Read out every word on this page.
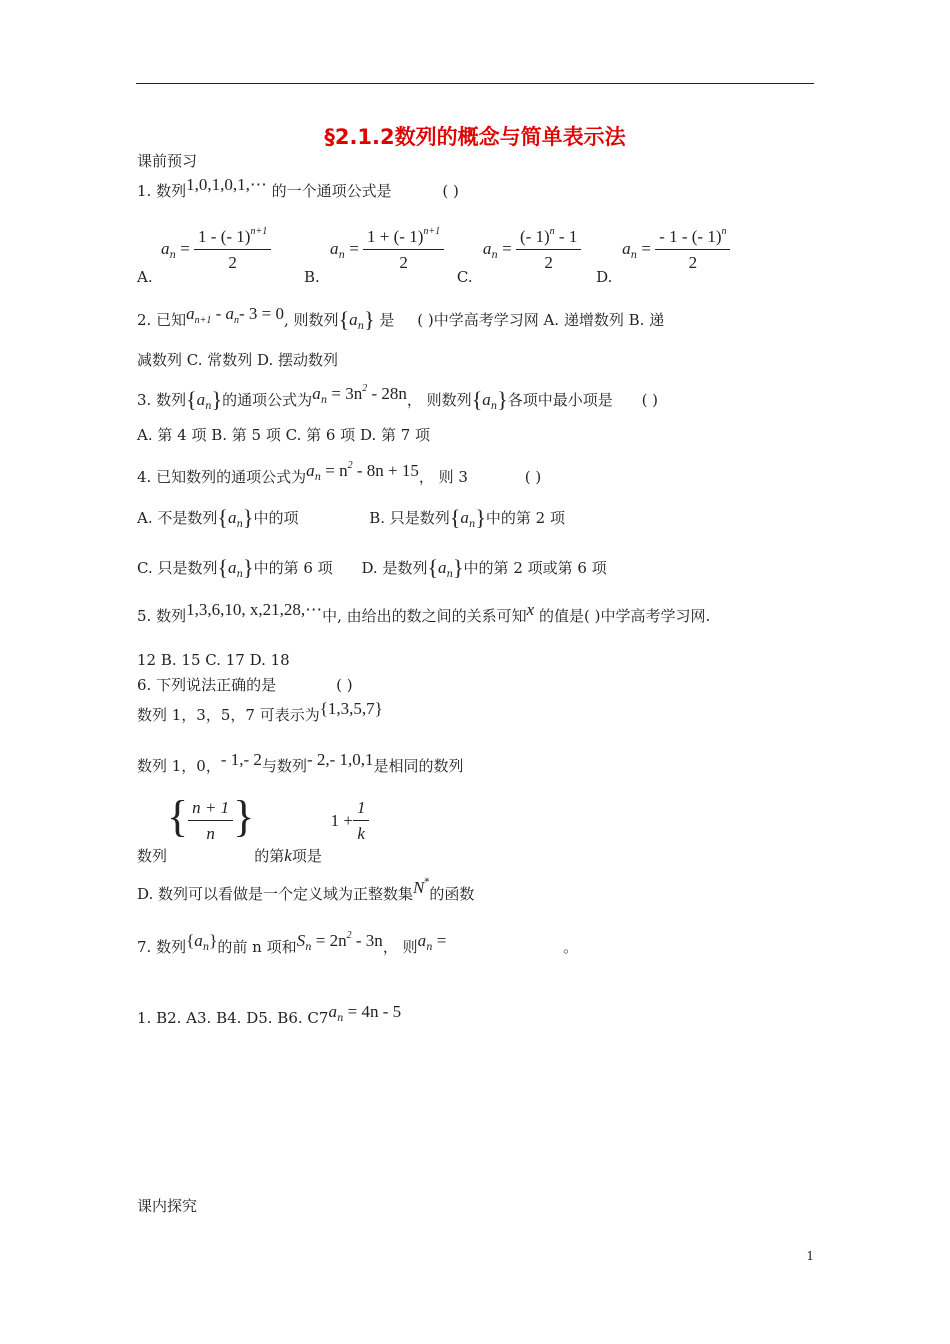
§2.1.2数列的概念与简单表示法
课前预习
1. 数列1,0,1,0,1,⋯ 的一个通项公式是	( )
$A.a_n = \frac{1 - (- 1)^{n+1}}{2}$
$B.a_n = \frac{1 + (- 1)^{n+1}}{2}$
$C.a_n = \frac{(- 1)^n - 1}{2}$
$D.a_n = \frac{- 1 - (- 1)^n}{2}$
2. 已知$a_{n+1} - a_n-$ 3 = 0, 则数列$\{a_n\}$ 是 ( )中学高考学习网 A. 递增数列 B. 递
减数列 C. 常数列 D. 摆动数列
3. 数列$\{a_n\}$的通项公式为$a_n = 3n^2 - 28n$， 则数列$\{a_n\}$各项中最小项是 ( )
A. 第 4 项 B. 第 5 项 C. 第 6 项 D. 第 7 项
4. 已知数列的通项公式为$a_n = n^2 - 8n + 15$， 则 3	( )
A. 不是数列$\{a_n\}$中的项	B. 只是数列$\{a_n\}$中的第 2 项
C. 只是数列$\{a_n\}$中的第 6 项 D. 是数列$\{a_n\}$中的第 2 项或第 6 项
5. 数列1,3,6,10, x,21,28,⋯中, 由给出的数之间的关系可知x 的值是( )中学高考学习网.
12 B. 15 C. 17 D. 18
6. 下列说法正确的是	( )
数列 1，3，5，7 可表示为{1,3,5,7}
数列 1，0，- 1,- 2与数列- 2,- 1,0,1是相同的数列
数列{ $\frac{n + 1}{n}$ }的第k项是 $1 + \frac{1}{k}$
D. 数列可以看做是一个定义域为正整数集N*的函数
7. 数列$\{a_n\}$的前 n 项和$S_n = 2n^2 - 3n$， 则$a_n$ =	。
1. B2. A3. B4. D5. B6. $C7a_n = 4n - 5$
课内探究
1
